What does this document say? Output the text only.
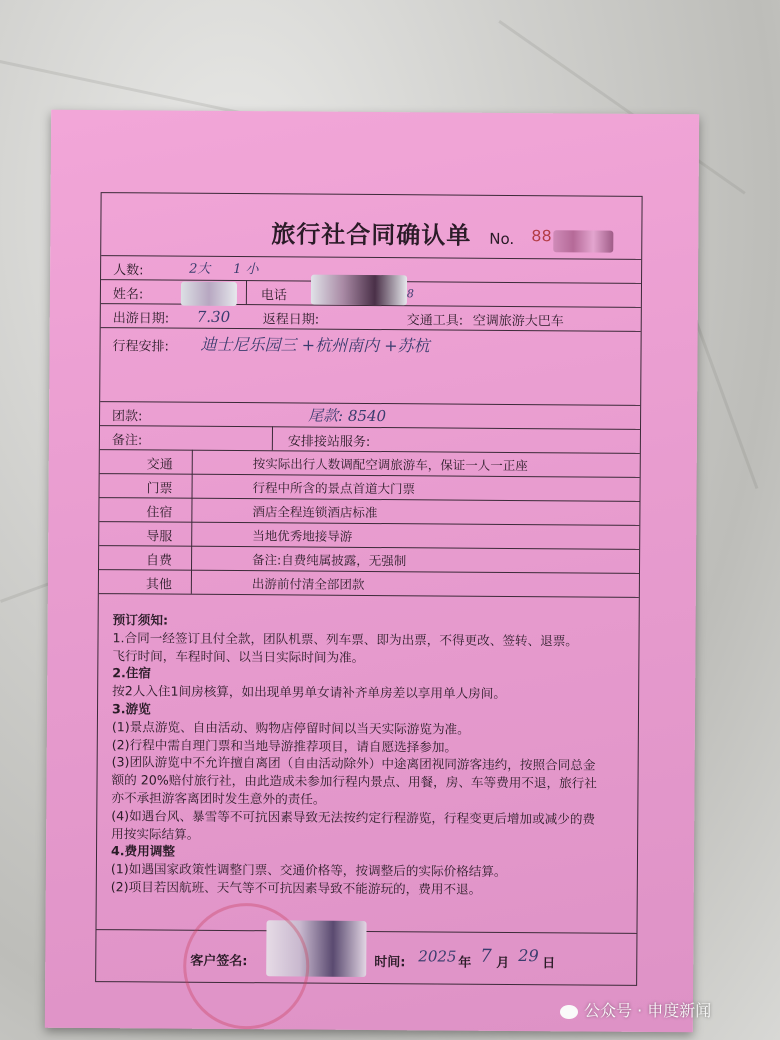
旅行社合同确认单 No. 88
人数:	2大 1 小
姓名:	电话	8
出游日期: 7.30 返程日期:	交通工具: 空调旅游大巴车
行程安排: 迪士尼乐园三 +杭州南内 +苏杭
团款:	尾款: 8540
备注:	安排接站服务:
交通	按实际出行人数调配空调旅游车，保证一人一正座
门票	行程中所含的景点首道大门票
住宿	酒店全程连锁酒店标准
导服	当地优秀地接导游
自费	备注:自费纯属披露，无强制
其他	出游前付清全部团款
预订须知:
1.合同一经签订且付全款，团队机票、列车票、即为出票，不得更改、签转、退票。
飞行时间，车程时间、以当日实际时间为准。
2.住宿
按2人入住1间房核算，如出现单男单女请补齐单房差以享用单人房间。
3.游览
(1)景点游览、自由活动、购物店停留时间以当天实际游览为准。
(2)行程中需自理门票和当地导游推荐项目，请自愿选择参加。
(3)团队游览中不允许擅自离团（自由活动除外）中途离团视同游客违约，按照合同总金
额的 20%赔付旅行社，由此造成未参加行程内景点、用餐，房、车等费用不退，旅行社
亦不承担游客离团时发生意外的责任。
(4)如遇台风、暴雪等不可抗因素导致无法按约定行程游览，行程变更后增加或减少的费
用按实际结算。
4.费用调整
(1)如遇国家政策性调整门票、交通价格等，按调整后的实际价格结算。
(2)项目若因航班、天气等不可抗因素导致不能游玩的，费用不退。
客户签名:	时间: 2025 年 7 月 29 日
公众号 · 申度新闻
